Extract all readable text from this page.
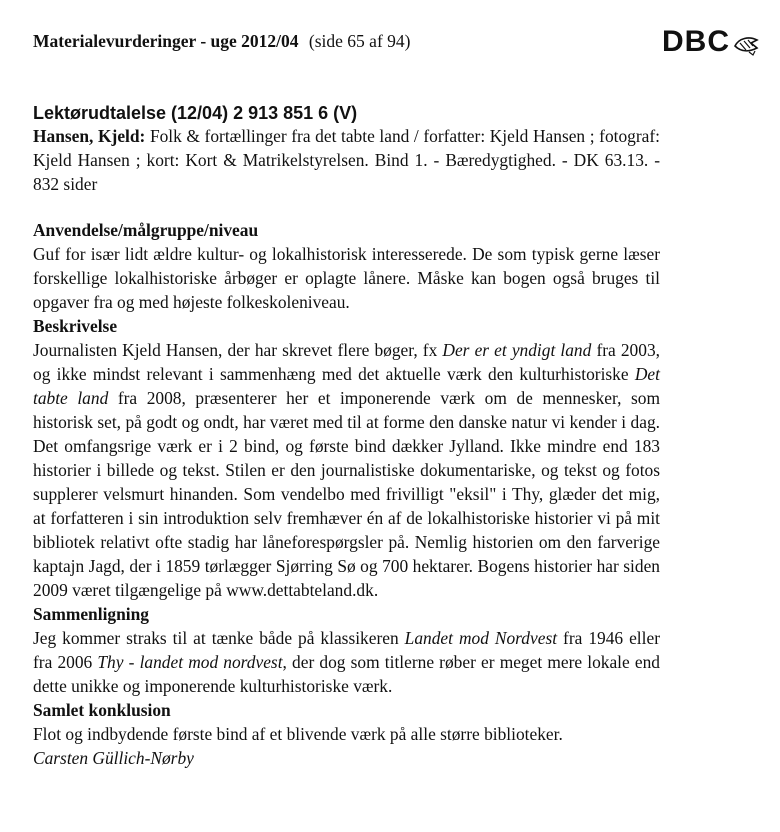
Materialevurderinger - uge 2012/04 (side 65 af 94)	DBC
Lektørudtalelse (12/04) 2 913 851 6 (V)

Hansen, Kjeld: Folk & fortællinger fra det tabte land / forfatter: Kjeld Hansen ; fotograf: Kjeld Hansen ; kort: Kort & Matrikelstyrelsen. Bind 1. - Bæredygtighed. - DK 63.13. - 832 sider

Anvendelse/målgruppe/niveau

Guf for især lidt ældre kultur- og lokalhistorisk interesserede. De som typisk gerne læser forskellige lokalhistoriske årbøger er oplagte lånere. Måske kan bogen også bruges til opgaver fra og med højeste folkeskoleniveau.

Beskrivelse

Journalisten Kjeld Hansen, der har skrevet flere bøger, fx Der er et yndigt land fra 2003, og ikke mindst relevant i sammenhæng med det aktuelle værk den kulturhistoriske Det tabte land fra 2008, præsenterer her et imponerende værk om de mennesker, som historisk set, på godt og ondt, har været med til at forme den danske natur vi kender i dag. Det omfangsrige værk er i 2 bind, og første bind dækker Jylland. Ikke mindre end 183 historier i billede og tekst. Stilen er den journalistiske dokumentariske, og tekst og fotos supplerer velsmurt hinanden. Som vendelbo med frivilligt "eksil" i Thy, glæder det mig, at forfatteren i sin introduktion selv fremhæver én af de lokalhistoriske historier vi på mit bibliotek relativt ofte stadig har låneforespørgsler på. Nemlig historien om den farverige kaptajn Jagd, der i 1859 tørlægger Sjørring Sø og 700 hektarer. Bogens historier har siden 2009 været tilgængelige på www.dettabteland.dk.

Sammenligning

Jeg kommer straks til at tænke både på klassikeren Landet mod Nordvest fra 1946 eller fra 2006 Thy - landet mod nordvest, der dog som titlerne røber er meget mere lokale end dette unikke og imponerende kulturhistoriske værk.

Samlet konklusion

Flot og indbydende første bind af et blivende værk på alle større biblioteker.

Carsten Güllich-Nørby
